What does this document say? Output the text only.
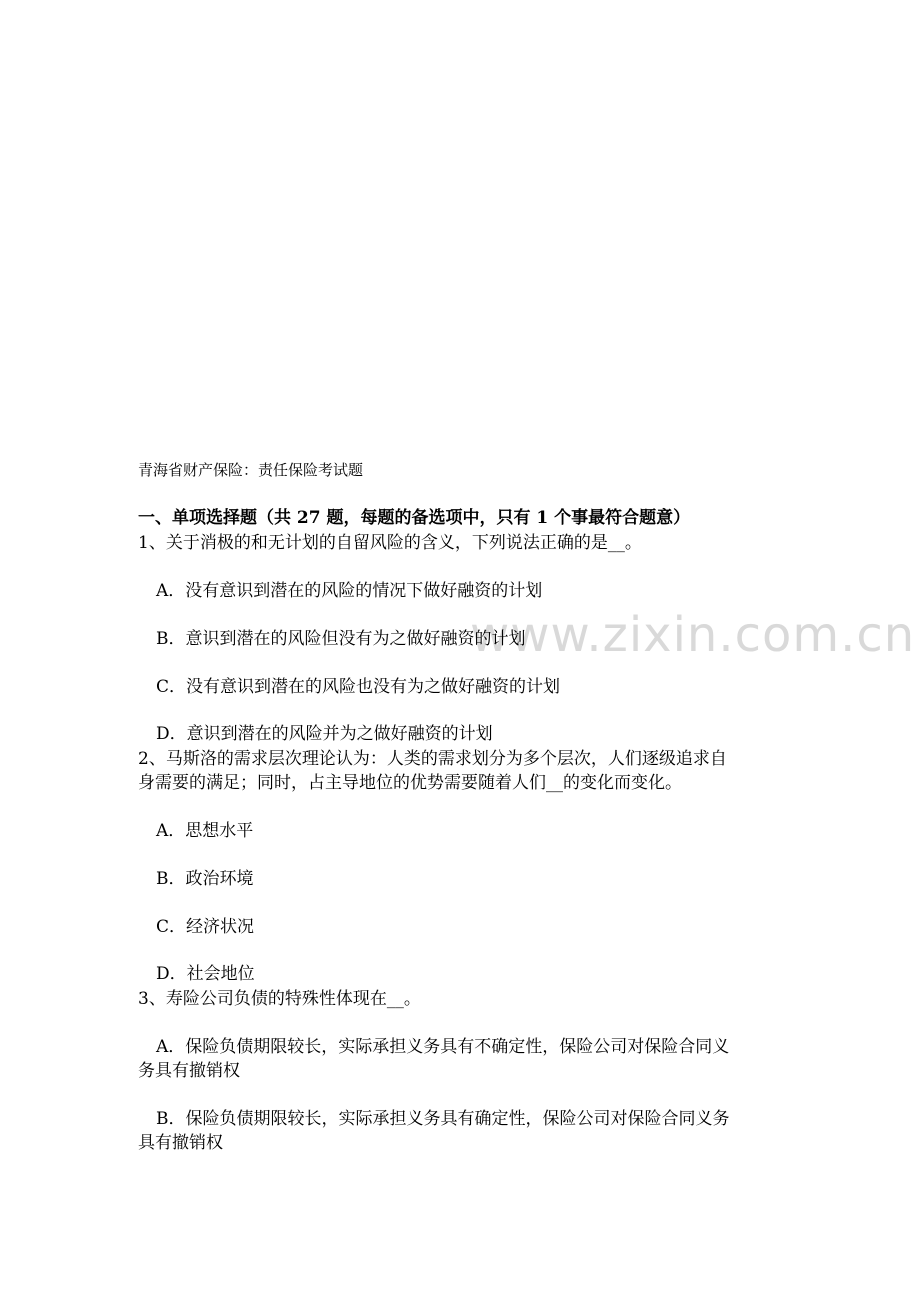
www.zixin.com.cn
青海省财产保险：责任保险考试题
一、单项选择题（共 27 题，每题的备选项中，只有 1 个事最符合题意）
1、关于消极的和无计划的自留风险的含义，下列说法正确的是__。
A．没有意识到潜在的风险的情况下做好融资的计划
B．意识到潜在的风险但没有为之做好融资的计划
C．没有意识到潜在的风险也没有为之做好融资的计划
D．意识到潜在的风险并为之做好融资的计划
2、马斯洛的需求层次理论认为：人类的需求划分为多个层次，人们逐级追求自
身需要的满足；同时，占主导地位的优势需要随着人们__的变化而变化。
A．思想水平
B．政治环境
C．经济状况
D．社会地位
3、寿险公司负债的特殊性体现在__。
A．保险负债期限较长，实际承担义务具有不确定性，保险公司对保险合同义
务具有撤销权
B．保险负债期限较长，实际承担义务具有确定性，保险公司对保险合同义务
具有撤销权
